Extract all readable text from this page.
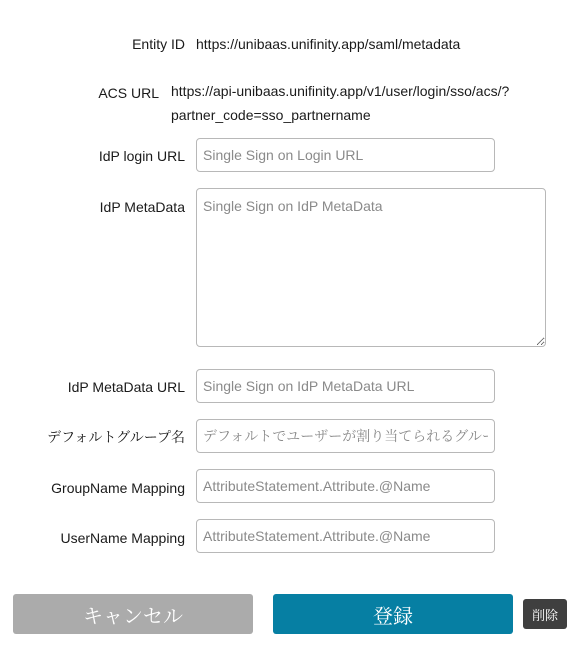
Entity ID https://unibaas.unifinity.app/saml/metadata
ACS URL https://api-unibaas.unifinity.app/v1/user/login/sso/acs/?
partner_code=sso_partnername
IdP login URL
Single Sign on Login URL
IdP MetaData
Single Sign on IdP MetaData
IdP MetaData URL
Single Sign on IdP MetaData URL
デフォルトグループ名
デフォルトでユーザーが割り当てられるグループ名
GroupName Mapping
AttributeStatement.Attribute.@Name
UserName Mapping
AttributeStatement.Attribute.@Name
キャンセル	登録	削除
